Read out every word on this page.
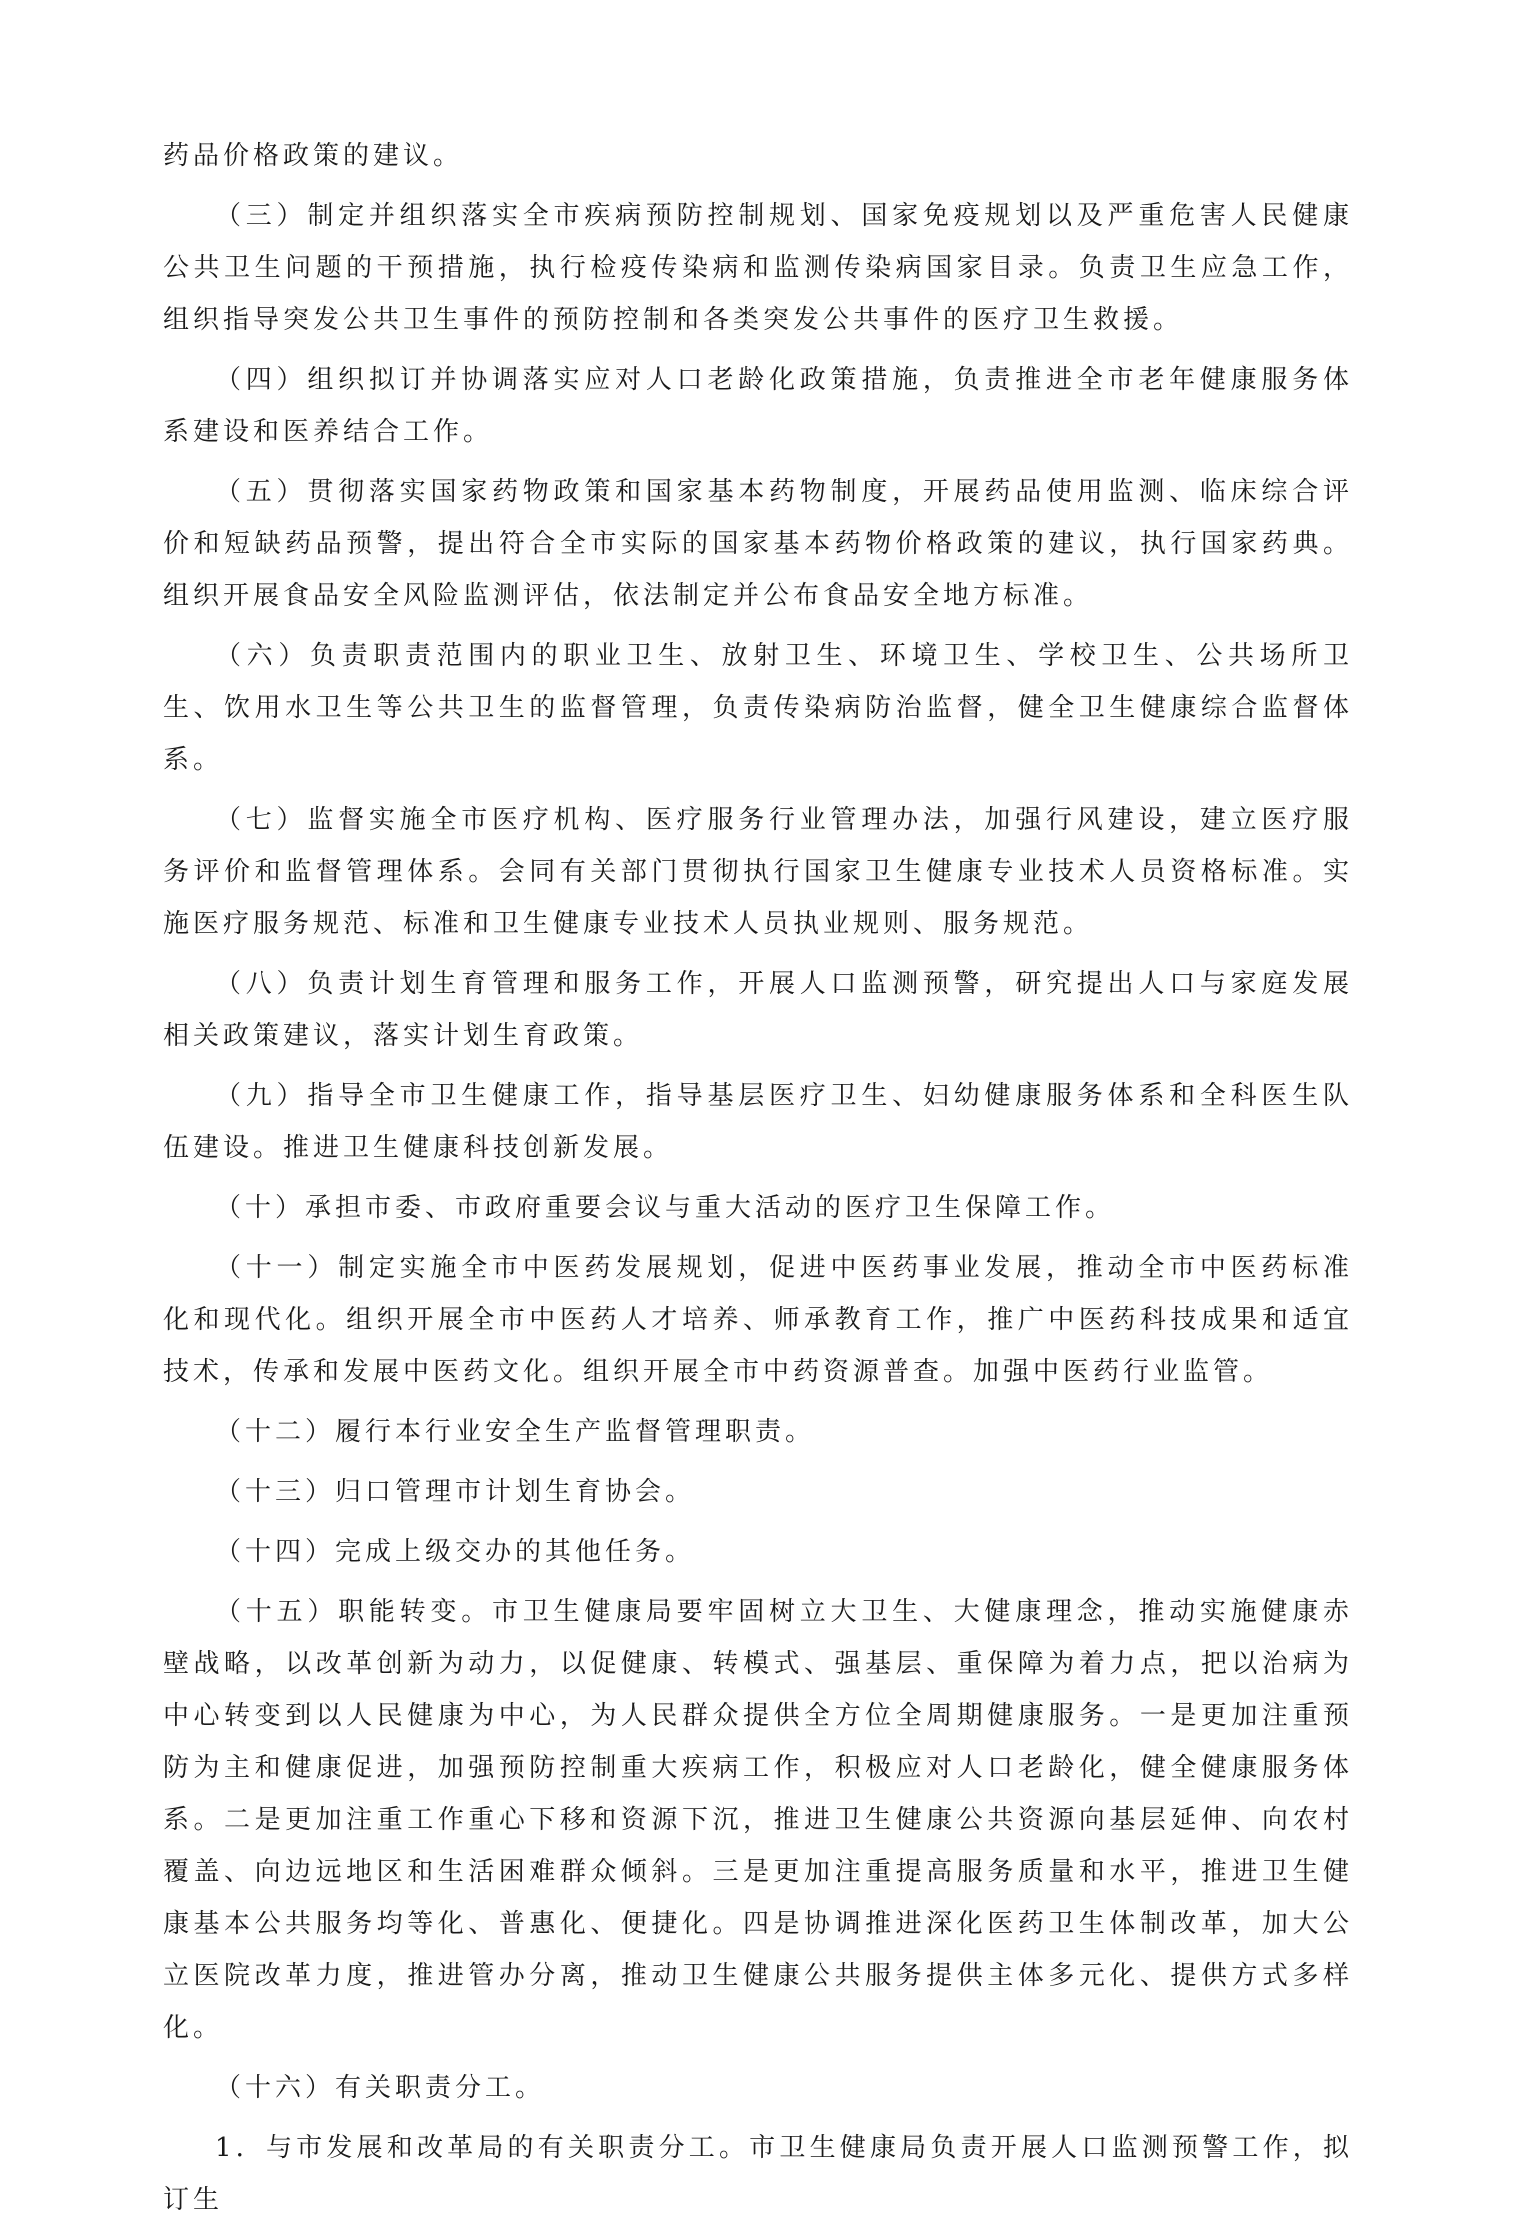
药品价格政策的建议。

（三）制定并组织落实全市疾病预防控制规划、国家免疫规划以及严重危害人民健康公共卫生问题的干预措施，执行检疫传染病和监测传染病国家目录。负责卫生应急工作，组织指导突发公共卫生事件的预防控制和各类突发公共事件的医疗卫生救援。

（四）组织拟订并协调落实应对人口老龄化政策措施，负责推进全市老年健康服务体系建设和医养结合工作。

（五）贯彻落实国家药物政策和国家基本药物制度，开展药品使用监测、临床综合评价和短缺药品预警，提出符合全市实际的国家基本药物价格政策的建议，执行国家药典。组织开展食品安全风险监测评估，依法制定并公布食品安全地方标准。

（六）负责职责范围内的职业卫生、放射卫生、环境卫生、学校卫生、公共场所卫生、饮用水卫生等公共卫生的监督管理，负责传染病防治监督，健全卫生健康综合监督体系。

（七）监督实施全市医疗机构、医疗服务行业管理办法，加强行风建设，建立医疗服务评价和监督管理体系。会同有关部门贯彻执行国家卫生健康专业技术人员资格标准。实施医疗服务规范、标准和卫生健康专业技术人员执业规则、服务规范。

（八）负责计划生育管理和服务工作，开展人口监测预警，研究提出人口与家庭发展相关政策建议，落实计划生育政策。

（九）指导全市卫生健康工作，指导基层医疗卫生、妇幼健康服务体系和全科医生队伍建设。推进卫生健康科技创新发展。

（十）承担市委、市政府重要会议与重大活动的医疗卫生保障工作。

（十一）制定实施全市中医药发展规划，促进中医药事业发展，推动全市中医药标准化和现代化。组织开展全市中医药人才培养、师承教育工作，推广中医药科技成果和适宜技术，传承和发展中医药文化。组织开展全市中药资源普查。加强中医药行业监管。

（十二）履行本行业安全生产监督管理职责。

（十三）归口管理市计划生育协会。

（十四）完成上级交办的其他任务。

（十五）职能转变。市卫生健康局要牢固树立大卫生、大健康理念，推动实施健康赤壁战略，以改革创新为动力，以促健康、转模式、强基层、重保障为着力点，把以治病为中心转变到以人民健康为中心，为人民群众提供全方位全周期健康服务。一是更加注重预防为主和健康促进，加强预防控制重大疾病工作，积极应对人口老龄化，健全健康服务体系。二是更加注重工作重心下移和资源下沉，推进卫生健康公共资源向基层延伸、向农村覆盖、向边远地区和生活困难群众倾斜。三是更加注重提高服务质量和水平，推进卫生健康基本公共服务均等化、普惠化、便捷化。四是协调推进深化医药卫生体制改革，加大公立医院改革力度，推进管办分离，推动卫生健康公共服务提供主体多元化、提供方式多样化。

（十六）有关职责分工。

1．与市发展和改革局的有关职责分工。市卫生健康局负责开展人口监测预警工作，拟订生
